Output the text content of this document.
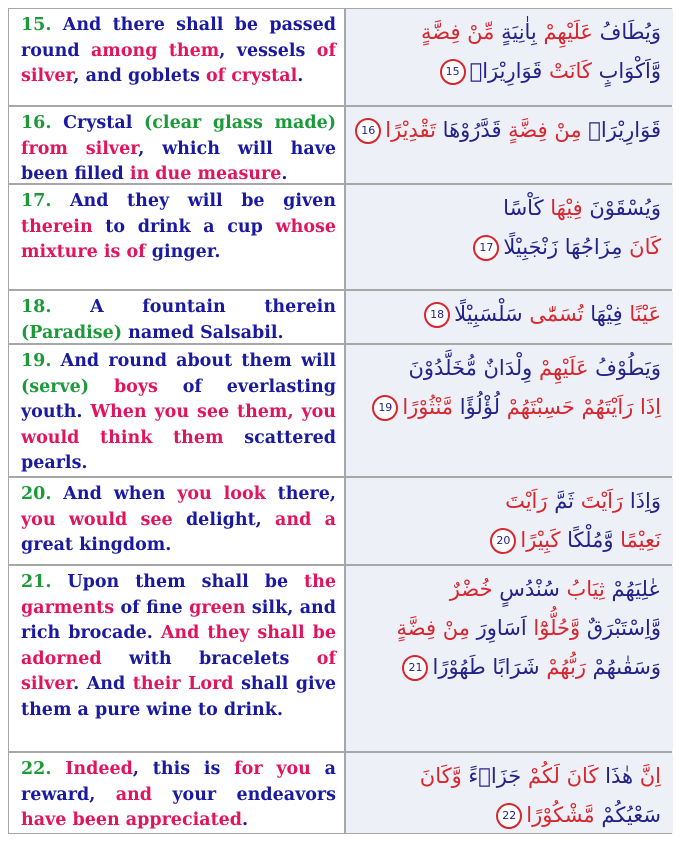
15. And there shall be passed round among them, vessels of silver, and goblets of crystal.
وَيُطَافُ عَلَيْهِمْ بِاٰنِيَةٍ مِّنْ فِضَّةٍ
وَّاَكْوَابٍ كَانَتْ قَوَارِيْرَا۠15
16. Crystal (clear glass made) from silver, which will have been filled in due measure.
قَوَارِيْرَا۟ مِنْ فِضَّةٍ قَدَّرُوْهَا تَقْدِيْرًا16
17. And they will be given therein to drink a cup whose mixture is of ginger.
وَيُسْقَوْنَ فِيْهَا كَاْسًا
كَانَ مِزَاجُهَا زَنْجَبِيْلًا17
18. A fountain therein (Paradise) named Salsabil.
عَيْنًا فِيْهَا تُسَمّٰى سَلْسَبِيْلًا18
19. And round about them will (serve) boys of everlasting youth. When you see them, you would think them scattered pearls.
وَيَطُوْفُ عَلَيْهِمْ وِلْدَانٌ مُّخَلَّدُوْنَ
اِذَا رَاَيْتَهُمْ حَسِبْتَهُمْ لُؤْلُؤًا مَّنْثُوْرًا19
20. And when you look there, you would see delight, and a great kingdom.
وَاِذَا رَاَيْتَ ثَمَّ رَاَيْتَ
نَعِيْمًا وَّمُلْكًا كَبِيْرًا20
21. Upon them shall be the garments of fine green silk, and rich brocade. And they shall be adorned with bracelets of silver. And their Lord shall give them a pure wine to drink.
عٰلِيَهُمْ ثِيَابُ سُنْدُسٍ خُضْرٌ
وَّاِسْتَبْرَقٌ وَّحُلُّوْٓا اَسَاوِرَ مِنْ فِضَّةٍ
وَسَقٰىهُمْ رَبُّهُمْ شَرَابًا طَهُوْرًا21
22. Indeed, this is for you a reward, and your endeavors have been appreciated.
اِنَّ هٰذَا كَانَ لَكُمْ جَزَاۤءً وَّكَانَ
سَعْيُكُمْ مَّشْكُوْرًا22
